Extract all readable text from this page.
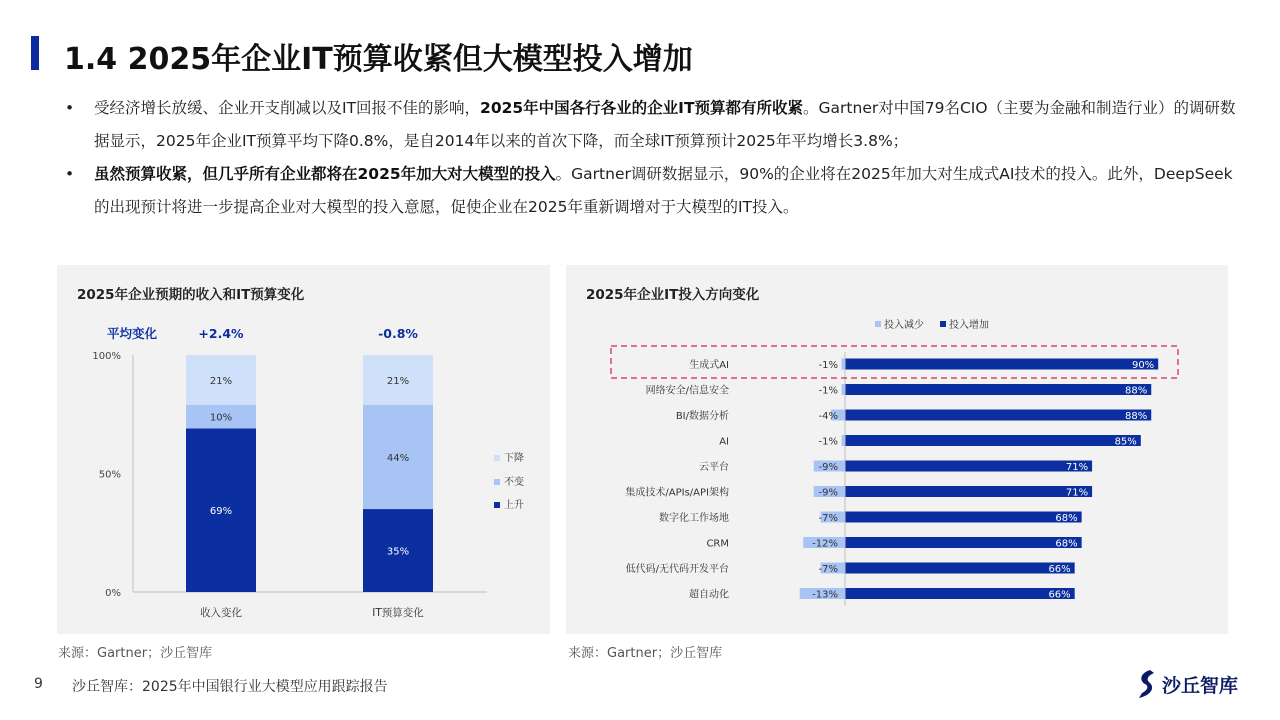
1.4 2025年企业IT预算收紧但大模型投入增加
• 受经济增长放缓、企业开支削减以及IT回报不佳的影响，2025年中国各行各业的企业IT预算都有所收紧。Gartner对中国79名CIO（主要为金融和制造行业）的调研数据显示，2025年企业IT预算平均下降0.8%，是自2014年以来的首次下降，而全球IT预算预计2025年平均增长3.8%；
• 虽然预算收紧，但几乎所有企业都将在2025年加大对大模型的投入。Gartner调研数据显示，90%的企业将在2025年加大对生成式AI技术的投入。此外，DeepSeek的出现预计将进一步提高企业对大模型的投入意愿，促使企业在2025年重新调增对于大模型的IT投入。
2025年企业预期的收入和IT预算变化
平均变化	+2.4%	-0.8%
0%
50%
100%
69%
10%
21%
收入变化
35%
44%
21%
IT预算变化
下降
不变
上升
2025年企业IT投入方向变化
投入减少	投入增加
生成式AI	-1%	90%
网络安全/信息安全	-1%	88%
BI/数据分析	-4%	88%
AI	-1%	85%
云平台	-9%	71%
集成技术/APIs/API架构	-9%	71%
数字化工作场地	-7%	68%
CRM	-12%	68%
低代码/无代码开发平台	-7%	66%
超自动化	-13%	66%
来源：Gartner；沙丘智库	来源：Gartner；沙丘智库
9 沙丘智库：2025年中国银行业大模型应用跟踪报告	沙丘智库
